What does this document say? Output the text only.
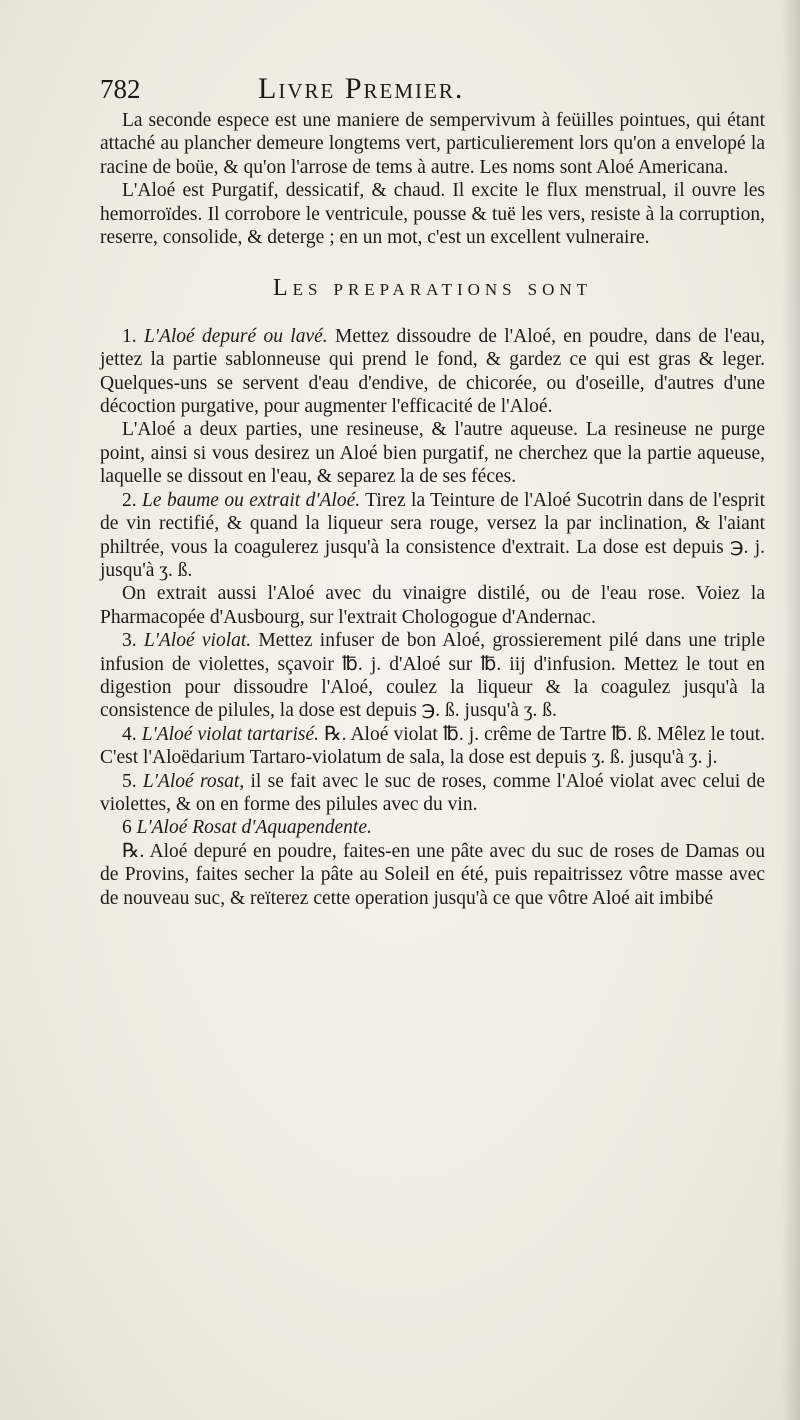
782	Livre Premier.

La seconde espece est une maniere de sempervivum à feüilles pointues, qui étant attaché au plancher demeure longtems vert, particulierement lors qu'on a envelopé la racine de boüe, & qu'on l'arrose de tems à autre. Les noms sont Aloé Americana.

L'Aloé est Purgatif, dessicatif, & chaud. Il excite le flux menstrual, il ouvre les hemorroïdes. Il corrobore le ventricule, pousse & tuë les vers, resiste à la corruption, reserre, consolide, & deterge ; en un mot, c'est un excellent vulneraire.

Les preparations sont

1. L'Aloé depuré ou lavé. Mettez dissoudre de l'Aloé, en poudre, dans de l'eau, jettez la partie sablonneuse qui prend le fond, & gardez ce qui est gras & leger. Quelques-uns se servent d'eau d'endive, de chicorée, ou d'oseille, d'autres d'une décoction purgative, pour augmenter l'efficacité de l'Aloé.

L'Aloé a deux parties, une resineuse, & l'autre aqueuse. La resineuse ne purge point, ainsi si vous desirez un Aloé bien purgatif, ne cherchez que la partie aqueuse, laquelle se dissout en l'eau, & separez la de ses féces.

2. Le baume ou extrait d'Aloé. Tirez la Teinture de l'Aloé Sucotrin dans de l'esprit de vin rectifié, & quand la liqueur sera rouge, versez la par inclination, & l'aiant philtrée, vous la coagulerez jusqu'à la consistence d'extrait. La dose est depuis ℈. j. jusqu'à ʒ. ß.

On extrait aussi l'Aloé avec du vinaigre distilé, ou de l'eau rose. Voiez la Pharmacopée d'Ausbourg, sur l'extrait Chologogue d'Andernac.

3. L'Aloé violat. Mettez infuser de bon Aloé, grossierement pilé dans une triple infusion de violettes, sçavoir ℔. j. d'Aloé sur ℔. iij d'infusion. Mettez le tout en digestion pour dissoudre l'Aloé, coulez la liqueur & la coagulez jusqu'à la consistence de pilules, la dose est depuis ℈. ß. jusqu'à ʒ. ß.

4. L'Aloé violat tartarisé. ℞. Aloé violat ℔. j. crême de Tartre ℔. ß. Mêlez le tout. C'est l'Aloëdarium Tartaro-violatum de sala, la dose est depuis ʒ. ß. jusqu'à ʒ. j.

5. L'Aloé rosat, il se fait avec le suc de roses, comme l'Aloé violat avec celui de violettes, & on en forme des pilules avec du vin.

6 L'Aloé Rosat d'Aquapendente.

℞. Aloé depuré en poudre, faites-en une pâte avec du suc de roses de Damas ou de Provins, faites secher la pâte au Soleil en été, puis repaitrissez vôtre masse avec de nouveau suc, & reïterez cette operation jusqu'à ce que vôtre Aloé ait imbibé
